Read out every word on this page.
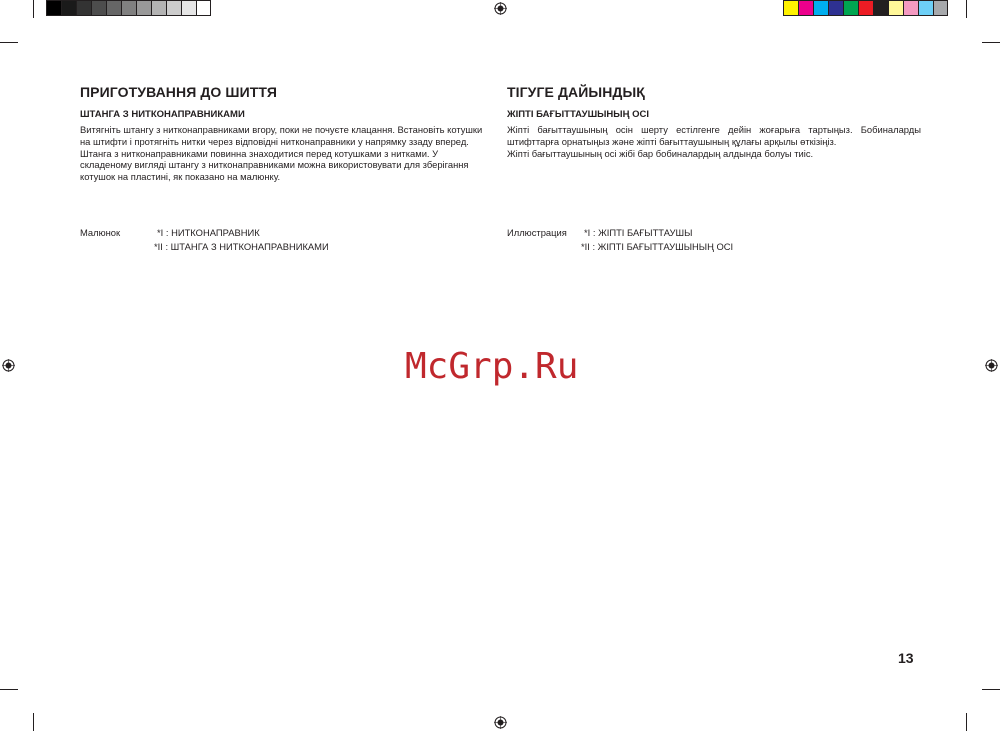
ПРИГОТУВАННЯ ДО ШИТТЯ
ШТАНГА З НИТКОНАПРАВНИКАМИ

Витягніть штангу з нитконаправниками вгору, поки не почуєте клацання. Встановіть котушки
на штифти і протягніть нитки через відповідні нитконаправники у напрямку ззаду вперед.
Штанга з нитконаправниками повинна знаходитися перед котушками з нитками. У
складеному вигляді штангу з нитконаправниками можна використовувати для зберігання
котушок на пластині, як показано на малюнку.

Малюнок	*I : НИТКОНАПРАВНИК
*II : ШТАНГА З НИТКОНАПРАВНИКАМИ
ТІГУГЕ ДАЙЫНДЫҚ
ЖІПТІ БАҒЫТТАУШЫНЫҢ ОСІ

Жіпті бағыттаушының осін шерту естілгенге дейін жоғарыға тартыңыз. Бобиналарды
штифттарға орнатыңыз және жіпті бағыттаушының құлағы арқылы өткізіңіз.
Жіпті бағыттаушының осі жібі бар бобиналардың алдында болуы тиіс.

Иллюстрация *I : ЖІПТІ БАҒЫТТАУШЫ
*II : ЖІПТІ БАҒЫТТАУШЫНЫҢ ОСІ
McGrp.Ru
13
